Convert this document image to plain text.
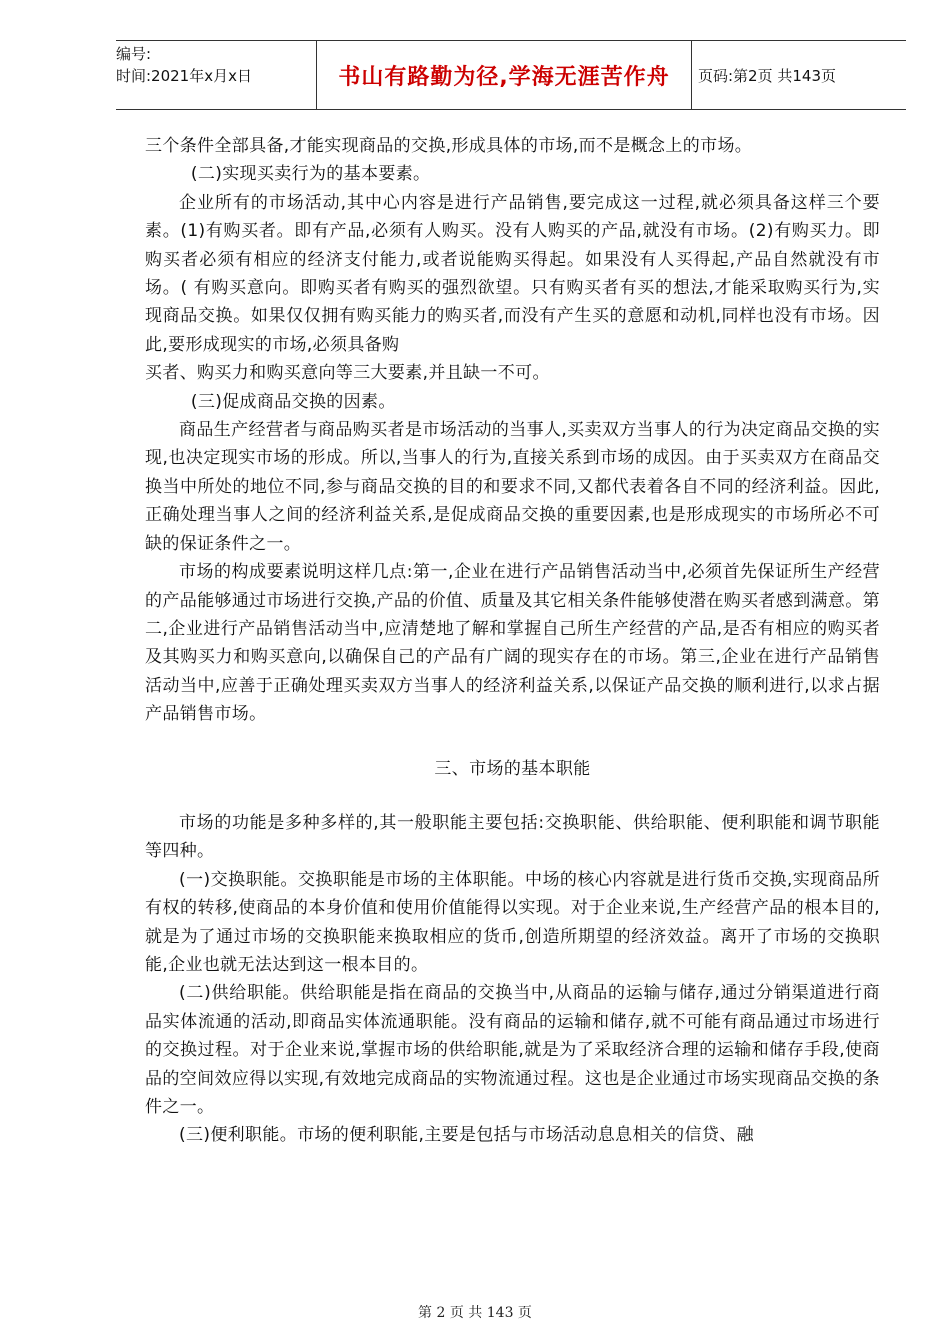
编号:
时间:2021年x月x日	书山有路勤为径,学海无涯苦作舟	页码:第2页 共143页

三个条件全部具备,才能实现商品的交换,形成具体的市场,而不是概念上的市场。

(二)实现买卖行为的基本要素。

企业所有的市场活动,其中心内容是进行产品销售,要完成这一过程,就必须具备这样三个要素。(1)有购买者。即有产品,必须有人购买。没有人购买的产品,就没有市场。(2)有购买力。即购买者必须有相应的经济支付能力,或者说能购买得起。如果没有人买得起,产品自然就没有市场。( 有购买意向。即购买者有购买的强烈欲望。只有购买者有买的想法,才能采取购买行为,实现商品交换。如果仅仅拥有购买能力的购买者,而没有产生买的意愿和动机,同样也没有市场。因此,要形成现实的市场,必须具备购

买者、购买力和购买意向等三大要素,并且缺一不可。

(三)促成商品交换的因素。

商品生产经营者与商品购买者是市场活动的当事人,买卖双方当事人的行为决定商品交换的实现,也决定现实市场的形成。所以,当事人的行为,直接关系到市场的成因。由于买卖双方在商品交换当中所处的地位不同,参与商品交换的目的和要求不同,又都代表着各自不同的经济利益。因此,正确处理当事人之间的经济利益关系,是促成商品交换的重要因素,也是形成现实的市场所必不可缺的保证条件之一。

市场的构成要素说明这样几点:第一,企业在进行产品销售活动当中,必须首先保证所生产经营的产品能够通过市场进行交换,产品的价值、质量及其它相关条件能够使潜在购买者感到满意。第二,企业进行产品销售活动当中,应清楚地了解和掌握自己所生产经营的产品,是否有相应的购买者及其购买力和购买意向,以确保自己的产品有广阔的现实存在的市场。第三,企业在进行产品销售活动当中,应善于正确处理买卖双方当事人的经济利益关系,以保证产品交换的顺利进行,以求占据产品销售市场。

三、市场的基本职能

市场的功能是多种多样的,其一般职能主要包括:交换职能、供给职能、便利职能和调节职能等四种。

(一)交换职能。交换职能是市场的主体职能。中场的核心内容就是进行货币交换,实现商品所有权的转移,使商品的本身价值和使用价值能得以实现。对于企业来说,生产经营产品的根本目的,就是为了通过市场的交换职能来换取相应的货币,创造所期望的经济效益。离开了市场的交换职能,企业也就无法达到这一根本目的。

(二)供给职能。供给职能是指在商品的交换当中,从商品的运输与储存,通过分销渠道进行商品实体流通的活动,即商品实体流通职能。没有商品的运输和储存,就不可能有商品通过市场进行的交换过程。对于企业来说,掌握市场的供给职能,就是为了采取经济合理的运输和储存手段,使商品的空间效应得以实现,有效地完成商品的实物流通过程。这也是企业通过市场实现商品交换的条件之一。

(三)便利职能。市场的便利职能,主要是包括与市场活动息息相关的信贷、融

第 2 页 共 143 页
